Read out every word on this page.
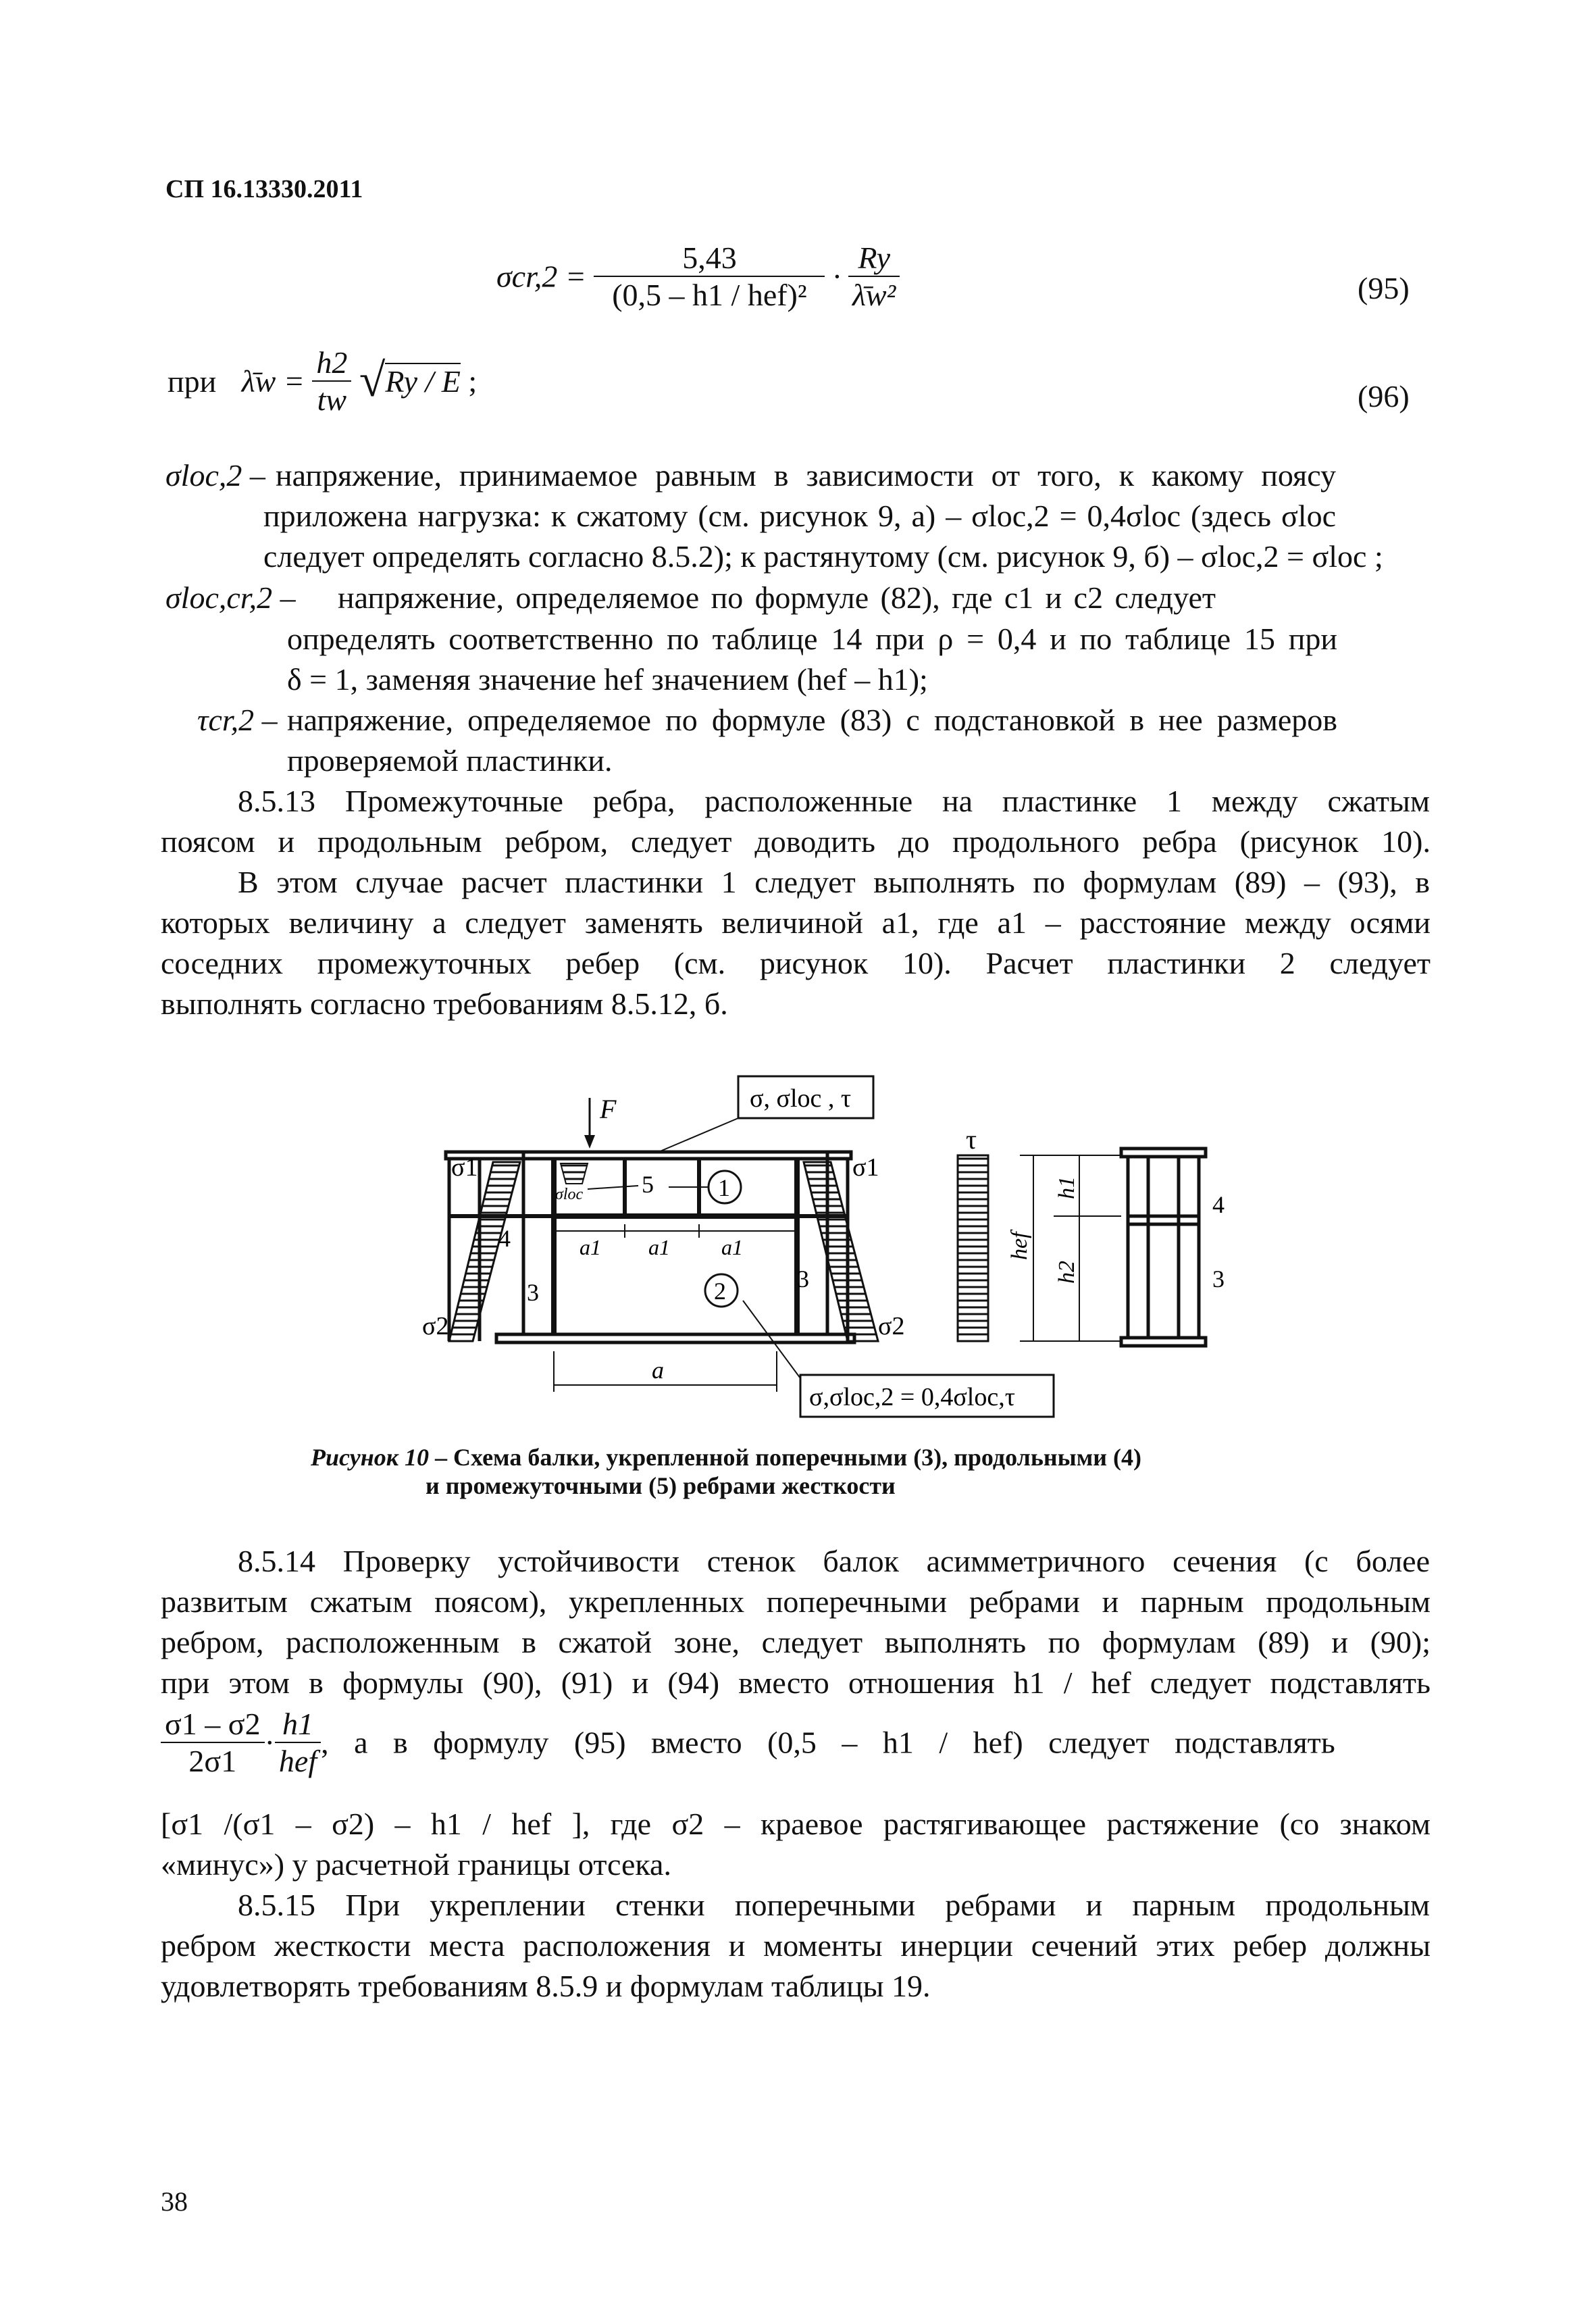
СП 16.13330.2011
$\sigma cr,2 = \frac{5,43}{\text{(0,5 – h1 / hef)²}} \cdot \frac{Ry}{\text{λ̄w²}}$	(95)
при λ̄w = $\frac{h2}{tw} √Ry$ / E ;	(96)
σloc,2 – напряжение, принимаемое равным в зависимости от того, к какому поясу
приложена нагрузка: к сжатому (см. рисунок 9, а) – σloc,2 = 0,4σloc (здесь σloc
следует определять согласно 8.5.2); к растянутому (см. рисунок 9, б) – σloc,2 = σloc ;
σloc,cr,2 – напряжение, определяемое по формуле (82), где c1 и c2 следует
определять соответственно по таблице 14 при ρ = 0,4 и по таблице 15 при
δ = 1, заменяя значение hef значением (hef – h1);
τcr,2 – напряжение, определяемое по формуле (83) с подстановкой в нее размеров
проверяемой пластинки.
8.5.13 Промежуточные ребра, расположенные на пластинке 1 между сжатым
поясом и продольным ребром, следует доводить до продольного ребра (рисунок 10).
В этом случае расчет пластинки 1 следует выполнять по формулам (89) – (93), в
которых величину a следует заменять величиной a1, где a1 – расстояние между осями
соседних промежуточных ребер (см. рисунок 10). Расчет пластинки 2 следует
выполнять согласно требованиям 8.5.12, б.
F	σ, σloc , τ
σ1	σ1
σ2	σ2
σloc 5	1
2
4
3	3
a1 a1 a1
a
σ,σloc,2 = 0,4σloc,τ
τ
hef
h1
h2
4
3
Рисунок 10 – Схема балки, укрепленной поперечными (3), продольными (4)
и промежуточными (5) ребрами жесткости
8.5.14 Проверку устойчивости стенок балок асимметричного сечения (с более
развитым сжатым поясом), укрепленных поперечными ребрами и парным продольным
ребром, расположенным в сжатой зоне, следует выполнять по формулам (89) и (90);
при этом в формулы (90), (91) и (94) вместо отношения h1 / hef следует подставлять
$\frac{\sigma 1 - \sigma 2}{2\sigma 1} \cdot \frac{h1}{\text{hef}}$ , а в формулу (95) вместо (0,5 – h1 / hef) следует подставлять
[σ1 /(σ1 – σ2) – h1 / hef ], где σ2 – краевое растягивающее растяжение (со знаком
«минус») у расчетной границы отсека.
8.5.15 При укреплении стенки поперечными ребрами и парным продольным
ребром жесткости места расположения и моменты инерции сечений этих ребер должны
удовлетворять требованиям 8.5.9 и формулам таблицы 19.
38
